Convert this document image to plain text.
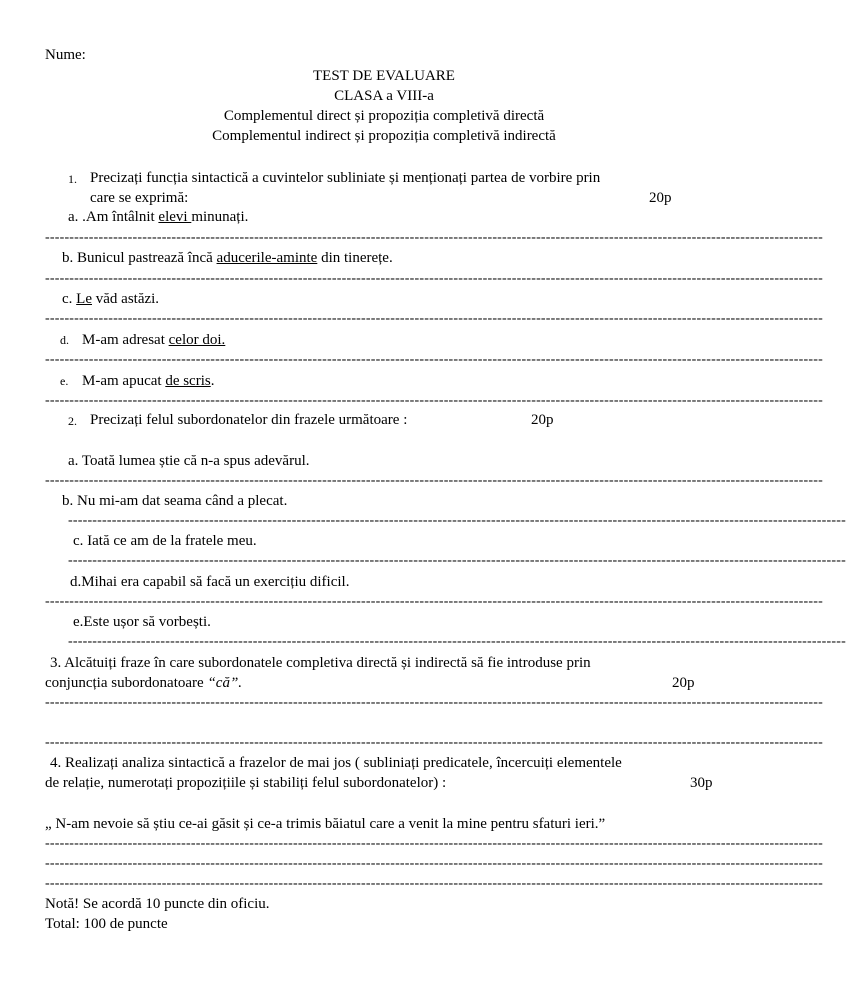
Nume:
TEST DE EVALUARE
CLASA a VIII-a
Complementul direct și propoziția completivă directă
Complementul indirect și propoziția completivă indirectă
1. Precizați funcția sintactică a cuvintelor subliniate și menționați partea de vorbire prin
care se exprimă:	20p
a. .Am întâlnit elevi minunați.
----------------------------------------------------------------------------------------------------------------------------------------------------------------
b. Bunicul pastrează încă aducerile-aminte din tinerețe.
----------------------------------------------------------------------------------------------------------------------------------------------------------------
c. Le văd astăzi.
----------------------------------------------------------------------------------------------------------------------------------------------------------------
d. M-am adresat celor doi.
----------------------------------------------------------------------------------------------------------------------------------------------------------------
e. M-am apucat de scris.
----------------------------------------------------------------------------------------------------------------------------------------------------------------
2. Precizați felul subordonatelor din frazele următoare :	20p
a. Toată lumea știe că n-a spus adevărul.
----------------------------------------------------------------------------------------------------------------------------------------------------------------
b. Nu mi-am dat seama când a plecat.
----------------------------------------------------------------------------------------------------------------------------------------------------------------
c. Iată ce am de la fratele meu.
----------------------------------------------------------------------------------------------------------------------------------------------------------------
d.Mihai era capabil să facă un exercițiu dificil.
----------------------------------------------------------------------------------------------------------------------------------------------------------------
e.Este ușor să vorbești.
----------------------------------------------------------------------------------------------------------------------------------------------------------------
3. Alcătuiți fraze în care subordonatele completiva directă și indirectă să fie introduse prin
conjuncția subordonatoare “că”.	20p
----------------------------------------------------------------------------------------------------------------------------------------------------------------
----------------------------------------------------------------------------------------------------------------------------------------------------------------
4. Realizați analiza sintactică a frazelor de mai jos ( subliniați predicatele, încercuiți elementele
de relație, numerotați propozițiile și stabiliți felul subordonatelor) :	30p
„ N-am nevoie să știu ce-ai găsit și ce-a trimis băiatul care a venit la mine pentru sfaturi ieri.”
----------------------------------------------------------------------------------------------------------------------------------------------------------------
----------------------------------------------------------------------------------------------------------------------------------------------------------------
----------------------------------------------------------------------------------------------------------------------------------------------------------------
Notă! Se acordă 10 puncte din oficiu.
Total: 100 de puncte
